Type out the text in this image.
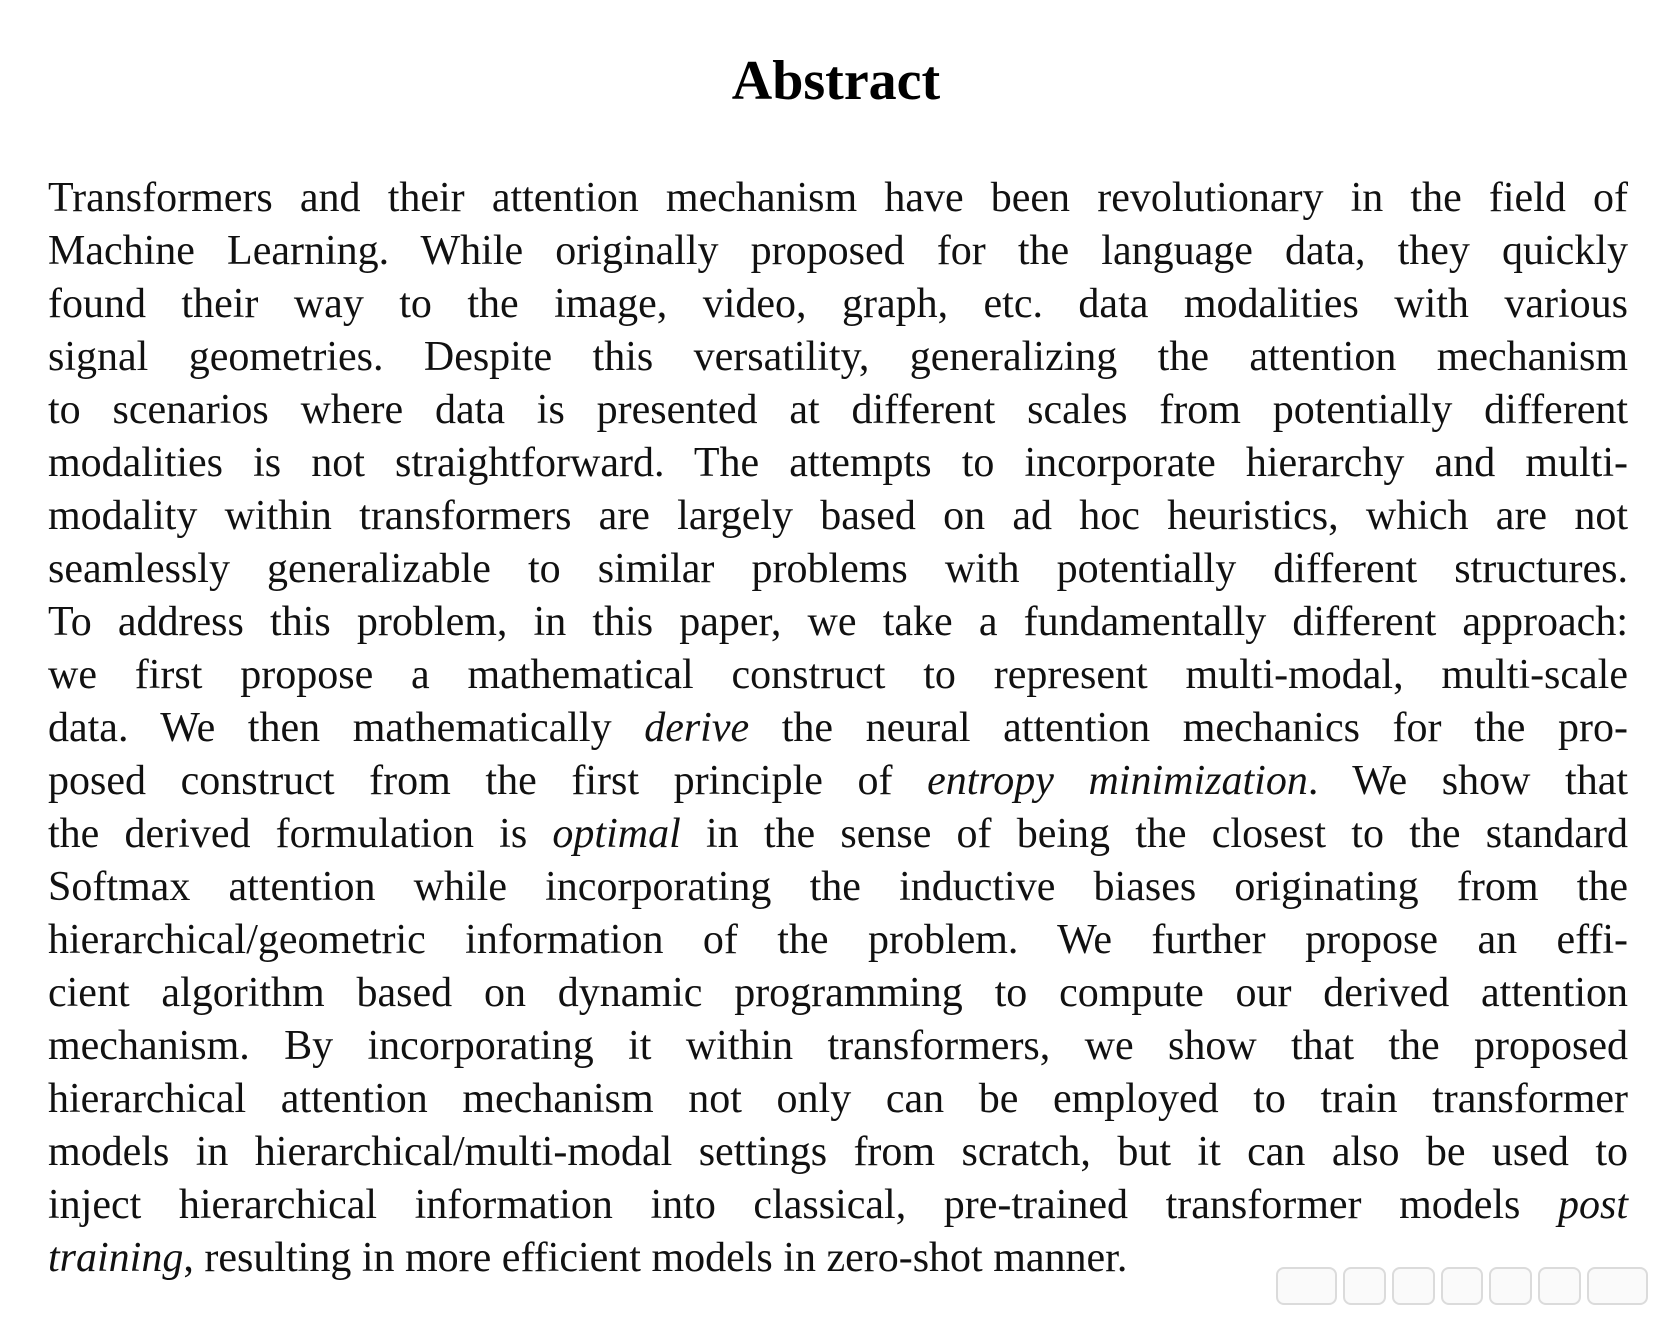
Abstract
Transformers and their attention mechanism have been revolutionary in the field of
Machine Learning. While originally proposed for the language data, they quickly
found their way to the image, video, graph, etc. data modalities with various
signal geometries. Despite this versatility, generalizing the attention mechanism
to scenarios where data is presented at different scales from potentially different
modalities is not straightforward. The attempts to incorporate hierarchy and multi-
modality within transformers are largely based on ad hoc heuristics, which are not
seamlessly generalizable to similar problems with potentially different structures.
To address this problem, in this paper, we take a fundamentally different approach:
we first propose a mathematical construct to represent multi-modal, multi-scale
data. We then mathematically derive the neural attention mechanics for the pro-
posed construct from the first principle of entropy minimization. We show that
the derived formulation is optimal in the sense of being the closest to the standard
Softmax attention while incorporating the inductive biases originating from the
hierarchical/geometric information of the problem. We further propose an effi-
cient algorithm based on dynamic programming to compute our derived attention
mechanism. By incorporating it within transformers, we show that the proposed
hierarchical attention mechanism not only can be employed to train transformer
models in hierarchical/multi-modal settings from scratch, but it can also be used to
inject hierarchical information into classical, pre-trained transformer models post
training, resulting in more efficient models in zero-shot manner.
